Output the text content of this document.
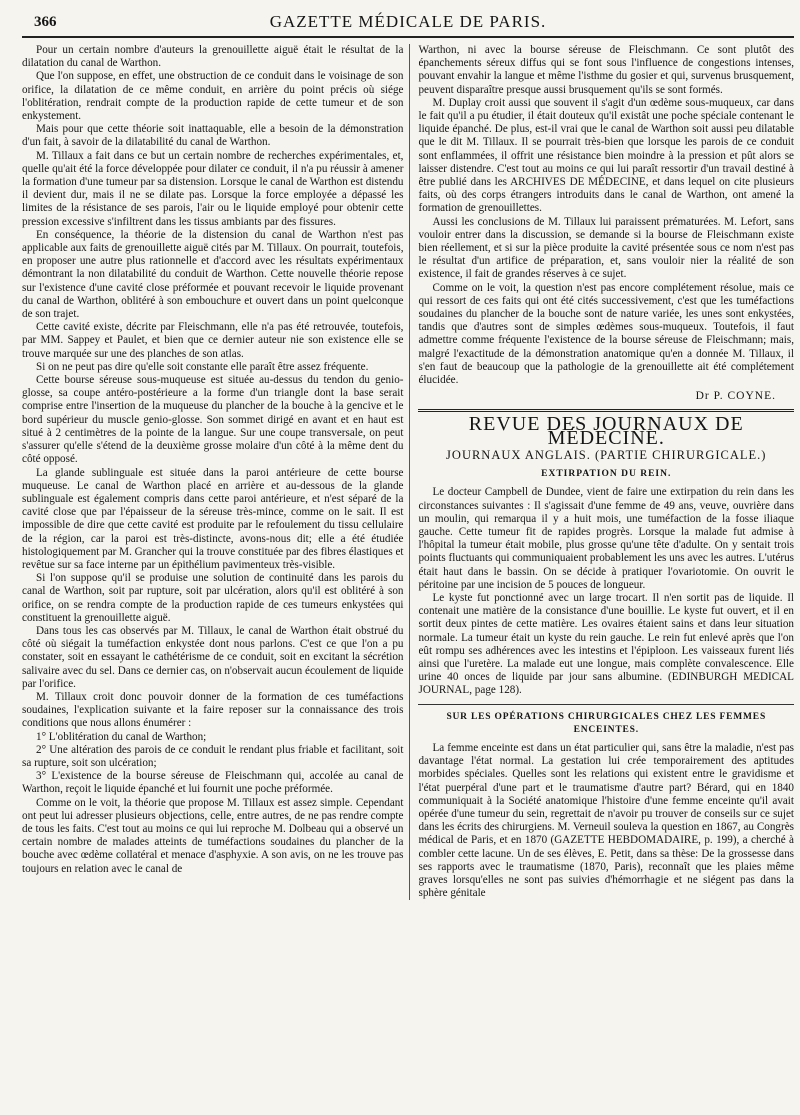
366	GAZETTE MÉDICALE DE PARIS.

Pour un certain nombre d'auteurs la grenouillette aiguë était le résultat de la dilatation du canal de Warthon.

Que l'on suppose, en effet, une obstruction de ce conduit dans le voisinage de son orifice, la dilatation de ce même conduit, en arrière du point précis où siége l'oblitération, rendrait compte de la production rapide de cette tumeur et de son enkystement.

Mais pour que cette théorie soit inattaquable, elle a besoin de la démonstration d'un fait, à savoir de la dilatabilité du canal de Warthon.

M. Tillaux a fait dans ce but un certain nombre de recherches expérimentales, et, quelle qu'ait été la force développée pour dilater ce conduit, il n'a pu réussir à amener la formation d'une tumeur par sa distension. Lorsque le canal de Warthon est distendu il devient dur, mais il ne se dilate pas. Lorsque la force employée a dépassé les limites de la résistance de ses parois, l'air ou le liquide employé pour obtenir cette pression excessive s'infiltrent dans les tissus ambiants par des fissures.

En conséquence, la théorie de la distension du canal de Warthon n'est pas applicable aux faits de grenouillette aiguë cités par M. Tillaux. On pourrait, toutefois, en proposer une autre plus rationnelle et d'accord avec les résultats expérimentaux démontrant la non dilatabilité du conduit de Warthon. Cette nouvelle théorie repose sur l'existence d'une cavité close préformée et pouvant recevoir le liquide provenant du canal de Warthon, oblitéré à son embouchure et ouvert dans un point quelconque de son trajet.

Cette cavité existe, décrite par Fleischmann, elle n'a pas été retrouvée, toutefois, par MM. Sappey et Paulet, et bien que ce dernier auteur nie son existence elle se trouve marquée sur une des planches de son atlas.

Si on ne peut pas dire qu'elle soit constante elle paraît être assez fréquente.

Cette bourse séreuse sous-muqueuse est située au-dessus du tendon du genio-glosse, sa coupe antéro-postérieure a la forme d'un triangle dont la base serait comprise entre l'insertion de la muqueuse du plancher de la bouche à la gencive et le bord supérieur du muscle genio-glosse. Son sommet dirigé en avant et en haut est situé à 2 centimètres de la pointe de la langue. Sur une coupe transversale, on peut s'assurer qu'elle s'étend de la deuxième grosse molaire d'un côté à la même dent du côté opposé.

La glande sublinguale est située dans la paroi antérieure de cette bourse muqueuse. Le canal de Warthon placé en arrière et au-dessous de la glande sublinguale est également compris dans cette paroi antérieure, et n'est séparé de la cavité close que par l'épaisseur de la séreuse très-mince, comme on le sait. Il est impossible de dire que cette cavité est produite par le refoulement du tissu cellulaire de la région, car la paroi est très-distincte, avons-nous dit; elle a été étudiée histologiquement par M. Grancher qui la trouve constituée par des fibres élastiques et revêtue sur sa face interne par un épithélium pavimenteux très-visible.

Si l'on suppose qu'il se produise une solution de continuité dans les parois du canal de Warthon, soit par rupture, soit par ulcération, alors qu'il est oblitéré à son orifice, on se rendra compte de la production rapide de ces tumeurs enkystées qui constituent la grenouillette aiguë.

Dans tous les cas observés par M. Tillaux, le canal de Warthon était obstrué du côté où siégait la tuméfaction enkystée dont nous parlons. C'est ce que l'on a pu constater, soit en essayant le cathétérisme de ce conduit, soit en excitant la sécrétion salivaire avec du sel. Dans ce dernier cas, on n'observait aucun écoulement de liquide par l'orifice.

M. Tillaux croit donc pouvoir donner de la formation de ces tuméfactions soudaines, l'explication suivante et la faire reposer sur la connaissance des trois conditions que nous allons énumérer :

1° L'oblitération du canal de Warthon;

2° Une altération des parois de ce conduit le rendant plus friable et facilitant, soit sa rupture, soit son ulcération;

3° L'existence de la bourse séreuse de Fleischmann qui, accolée au canal de Warthon, reçoit le liquide épanché et lui fournit une poche préformée.

Comme on le voit, la théorie que propose M. Tillaux est assez simple. Cependant ont peut lui adresser plusieurs objections, celle, entre autres, de ne pas rendre compte de tous les faits. C'est tout au moins ce qui lui reproche M. Dolbeau qui a observé un certain nombre de malades atteints de tuméfactions soudaines du plancher de la bouche avec œdème collatéral et menace d'asphyxie. A son avis, on ne les trouve pas toujours en relation avec le canal de

Warthon, ni avec la bourse séreuse de Fleischmann. Ce sont plutôt des épanchements séreux diffus qui se font sous l'influence de congestions intenses, pouvant envahir la langue et même l'isthme du gosier et qui, survenus brusquement, peuvent disparaître presque aussi brusquement qu'ils se sont formés.

M. Duplay croit aussi que souvent il s'agit d'un œdème sous-muqueux, car dans le fait qu'il a pu étudier, il était douteux qu'il existât une poche spéciale contenant le liquide épanché. De plus, est-il vrai que le canal de Warthon soit aussi peu dilatable que le dit M. Tillaux. Il se pourrait très-bien que lorsque les parois de ce conduit sont enflammées, il offrit une résistance bien moindre à la pression et pût alors se laisser distendre. C'est tout au moins ce qui lui paraît ressortir d'un travail destiné à être publié dans les ARCHIVES DE MÉDECINE, et dans lequel on cite plusieurs faits, où des corps étrangers introduits dans le canal de Warthon, ont amené la formation de grenouillettes.

Aussi les conclusions de M. Tillaux lui paraissent prématurées. M. Lefort, sans vouloir entrer dans la discussion, se demande si la bourse de Fleischmann existe bien réellement, et si sur la pièce produite la cavité présentée sous ce nom n'est pas le résultat d'un artifice de préparation, et, sans vouloir nier la réalité de son existence, il fait de grandes réserves à ce sujet.

Comme on le voit, la question n'est pas encore complétement résolue, mais ce qui ressort de ces faits qui ont été cités successivement, c'est que les tuméfactions soudaines du plancher de la bouche sont de nature variée, les unes sont enkystées, tandis que d'autres sont de simples œdèmes sous-muqueux. Toutefois, il faut admettre comme fréquente l'existence de la bourse séreuse de Fleischmann; mais, malgré l'exactitude de la démonstration anatomique qu'en a donnée M. Tillaux, il s'en faut de beaucoup que la pathologie de la grenouillette ait été complétement élucidée.

Dr P. COYNE.
REVUE DES JOURNAUX DE MÉDECINE.
JOURNAUX ANGLAIS. (PARTIE CHIRURGICALE.)
EXTIRPATION DU REIN.

Le docteur Campbell de Dundee, vient de faire une extirpation du rein dans les circonstances suivantes : Il s'agissait d'une femme de 49 ans, veuve, ouvrière dans un moulin, qui remarqua il y a huit mois, une tuméfaction de la fosse iliaque gauche. Cette tumeur fit de rapides progrès. Lorsque la malade fut admise à l'hôpital la tumeur était mobile, plus grosse qu'une tête d'adulte. On y sentait trois points fluctuants qui communiquaient probablement les uns avec les autres. L'utérus était haut dans le bassin. On se décide à pratiquer l'ovariotomie. On ouvrit le péritoine par une incision de 5 pouces de longueur.

Le kyste fut ponctionné avec un large trocart. Il n'en sortit pas de liquide. Il contenait une matière de la consistance d'une bouillie. Le kyste fut ouvert, et il en sortit deux pintes de cette matière. Les ovaires étaient sains et dans leur situation normale. La tumeur était un kyste du rein gauche. Le rein fut enlevé après que l'on eût rompu ses adhérences avec les intestins et l'épiploon. Les vaisseaux furent liés ainsi que l'uretère. La malade eut une longue, mais complète convalescence. Elle urine 40 onces de liquide par jour sans albumine. (EDINBURGH MEDICAL JOURNAL, page 128).

SUR LES OPÉRATIONS CHIRURGICALES CHEZ LES FEMMES ENCEINTES.

La femme enceinte est dans un état particulier qui, sans être la maladie, n'est pas davantage l'état normal. La gestation lui crée temporairement des aptitudes morbides spéciales. Quelles sont les relations qui existent entre le gravidisme et l'état puerpéral d'une part et le traumatisme d'autre part? Bérard, qui en 1840 communiquait à la Société anatomique l'histoire d'une femme enceinte qu'il avait opérée d'une tumeur du sein, regrettait de n'avoir pu trouver de conseils sur ce sujet dans les écrits des chirurgiens. M. Verneuil souleva la question en 1867, au Congrès médical de Paris, et en 1870 (GAZETTE HEBDOMADAIRE, p. 199), a cherché à combler cette lacune. Un de ses élèves, E. Petit, dans sa thèse: De la grossesse dans ses rapports avec le traumatisme (1870, Paris), reconnaît que les plaies même graves lorsqu'elles ne sont pas suivies d'hémorrhagie et ne siégent pas dans la sphère génitale
